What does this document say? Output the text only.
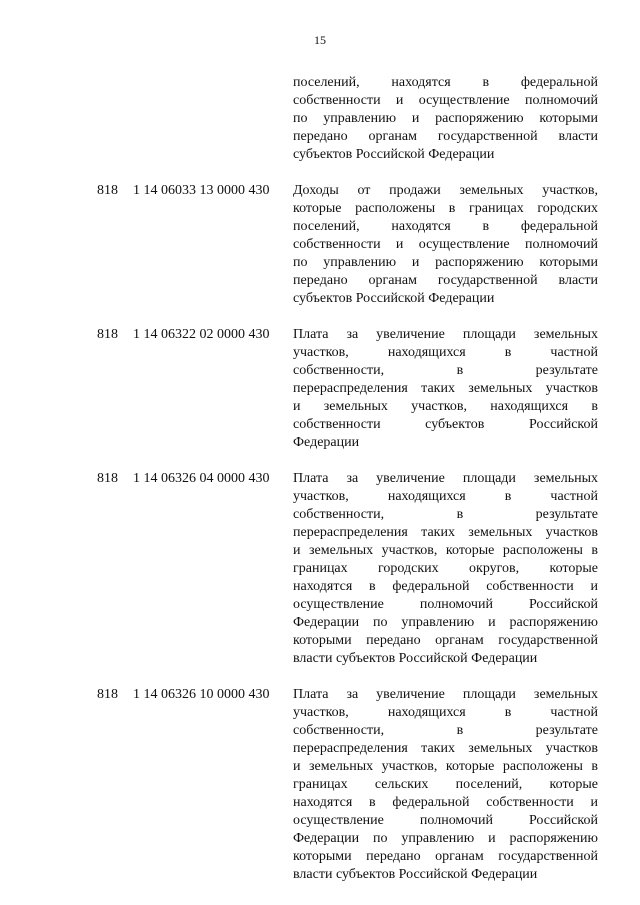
15
поселений, находятся в федеральной
собственности и осуществление полномочий
по управлению и распоряжению которыми
передано органам государственной власти
субъектов Российской Федерации
818	1 14 06033 13 0000 430	Доходы от продажи земельных участков,
которые расположены в границах городских
поселений, находятся в федеральной
собственности и осуществление полномочий
по управлению и распоряжению которыми
передано органам государственной власти
субъектов Российской Федерации
818	1 14 06322 02 0000 430	Плата за увеличение площади земельных
участков, находящихся в частной
собственности, в результате
перераспределения таких земельных участков
и земельных участков, находящихся в
собственности субъектов Российской
Федерации
818	1 14 06326 04 0000 430	Плата за увеличение площади земельных
участков, находящихся в частной
собственности, в результате
перераспределения таких земельных участков
и земельных участков, которые расположены в
границах городских округов, которые
находятся в федеральной собственности и
осуществление полномочий Российской
Федерации по управлению и распоряжению
которыми передано органам государственной
власти субъектов Российской Федерации
818	1 14 06326 10 0000 430	Плата за увеличение площади земельных
участков, находящихся в частной
собственности, в результате
перераспределения таких земельных участков
и земельных участков, которые расположены в
границах сельских поселений, которые
находятся в федеральной собственности и
осуществление полномочий Российской
Федерации по управлению и распоряжению
которыми передано органам государственной
власти субъектов Российской Федерации
